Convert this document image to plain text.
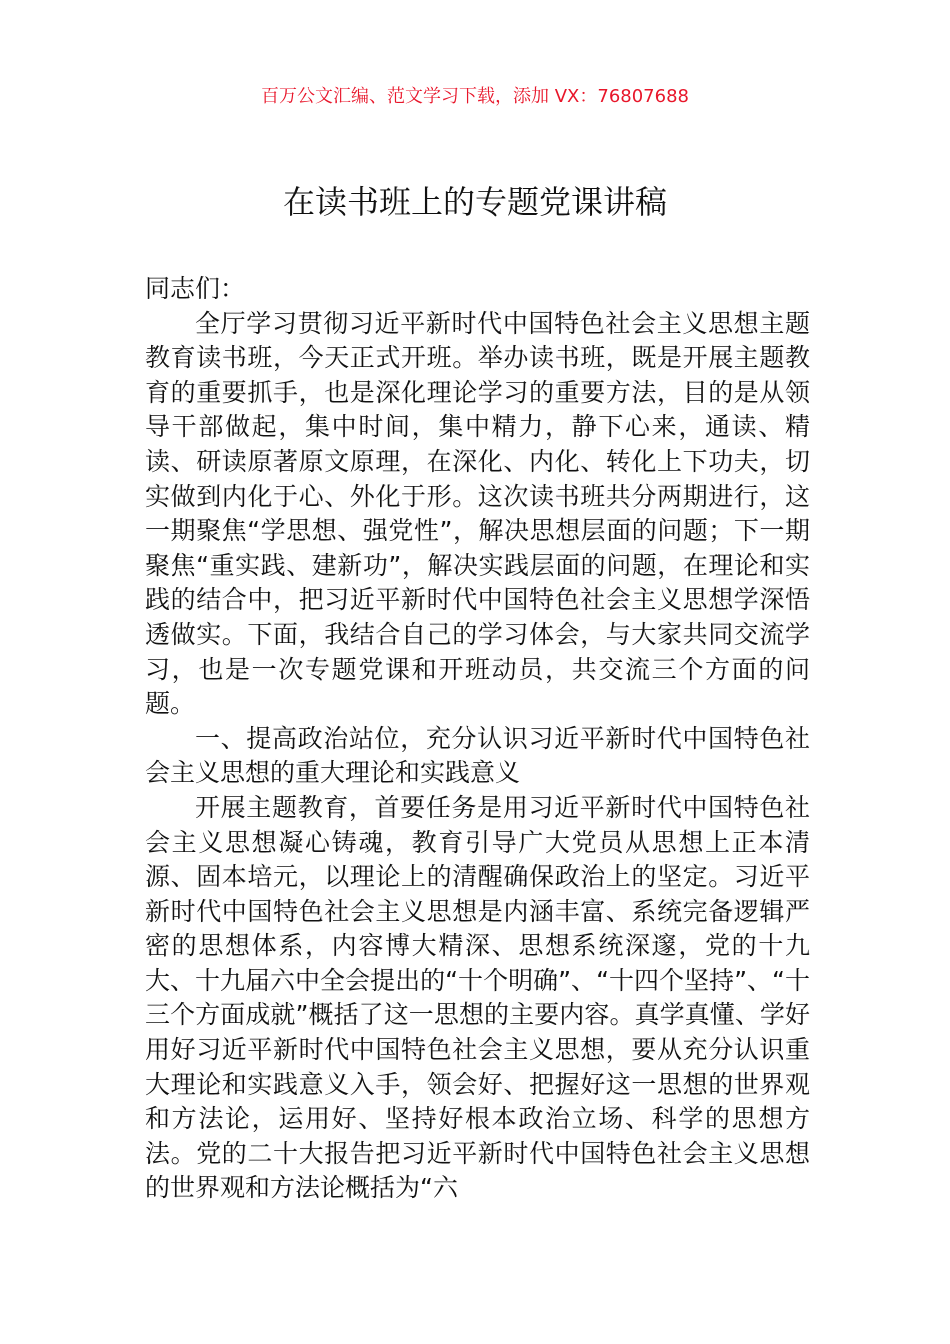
百万公文汇编、范文学习下载，添加 VX：76807688
在读书班上的专题党课讲稿

同志们：

全厅学习贯彻习近平新时代中国特色社会主义思想主题教育读书班，今天正式开班。举办读书班，既是开展主题教育的重要抓手，也是深化理论学习的重要方法，目的是从领导干部做起，集中时间，集中精力，静下心来，通读、精读、研读原著原文原理，在深化、内化、转化上下功夫，切实做到内化于心、外化于形。这次读书班共分两期进行，这一期聚焦“学思想、强党性”，解决思想层面的问题；下一期聚焦“重实践、建新功”，解决实践层面的问题，在理论和实践的结合中，把习近平新时代中国特色社会主义思想学深悟透做实。下面，我结合自己的学习体会，与大家共同交流学习，也是一次专题党课和开班动员，共交流三个方面的问题。

一、提高政治站位，充分认识习近平新时代中国特色社会主义思想的重大理论和实践意义

开展主题教育，首要任务是用习近平新时代中国特色社会主义思想凝心铸魂，教育引导广大党员从思想上正本清源、固本培元，以理论上的清醒确保政治上的坚定。习近平新时代中国特色社会主义思想是内涵丰富、系统完备逻辑严密的思想体系，内容博大精深、思想系统深邃，党的十九大、十九届六中全会提出的“十个明确”、“十四个坚持”、“十三个方面成就”概括了这一思想的主要内容。真学真懂、学好用好习近平新时代中国特色社会主义思想，要从充分认识重大理论和实践意义入手，领会好、把握好这一思想的世界观和方法论，运用好、坚持好根本政治立场、科学的思想方法。党的二十大报告把习近平新时代中国特色社会主义思想的世界观和方法论概括为“六
